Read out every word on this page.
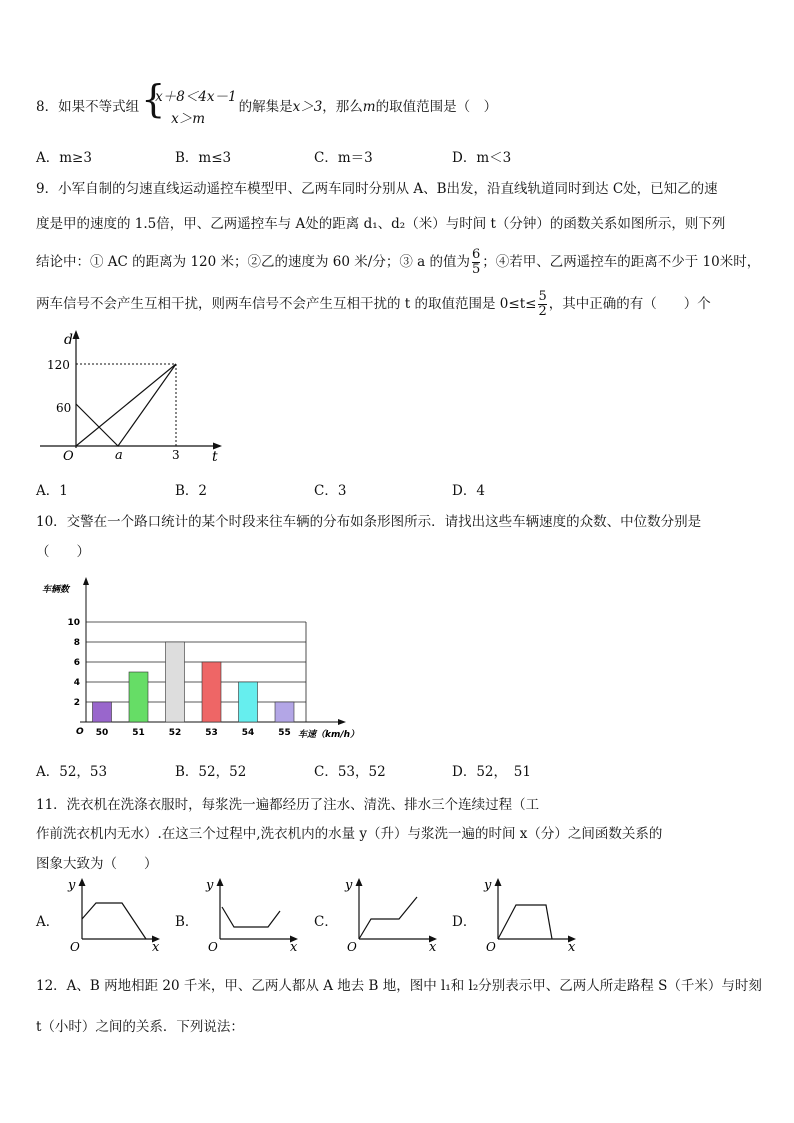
8．如果不等式组 {
x＋8＜4x－1
x＞m
的解集是x＞3，那么m的取值范围是（　）
A．m≥3	B．m≤3	C．m＝3	D．m＜3
9．小军自制的匀速直线运动遥控车模型甲、乙两车同时分别从 A、B出发，沿直线轨道同时到达 C处，已知乙的速
度是甲的速度的 1.5倍，甲、乙两遥控车与 A处的距离 d₁、d₂（米）与时间 t（分钟）的函数关系如图所示，则下列
结论中：① AC 的距离为 120 米；②乙的速度为 60 米/分；③ a 的值为 $\frac{6}{5}$ ；④若甲、乙两遥控车的距离不少于 10米时，
两车信号不会产生互相干扰，则两车信号不会产生互相干扰的 t 的取值范围是 $0\le t\le \frac{5}{2}$ ，其中正确的有（　　）个
d
120
60
O	a	3 t
A．1	B．2	C．3	D．4
10．交警在一个路口统计的某个时段来往车辆的分布如条形图所示．请找出这些车辆速度的众数、中位数分别是
（　　）
车辆数
O	车速（km/h）
2
4
6
8
10
50	51	52	53	54	55
A．52，53	B．52，52	C．53，52	D．52，　51
11．洗衣机在洗涤衣服时，每浆洗一遍都经历了注水、清洗、排水三个连续过程（工
作前洗衣机内无水）.在这三个过程中,洗衣机内的水量 y（升）与浆洗一遍的时间 x（分）之间函数关系的
图象大致为（　　）
A．	B．	C．	D．
y
O	x
y
O	x
y
O	x
y
O	x
12．A、B 两地相距 20 千米，甲、乙两人都从 A 地去 B 地，图中 l₁和 l₂分别表示甲、乙两人所走路程 S（千米）与时刻
t（小时）之间的关系．下列说法：
